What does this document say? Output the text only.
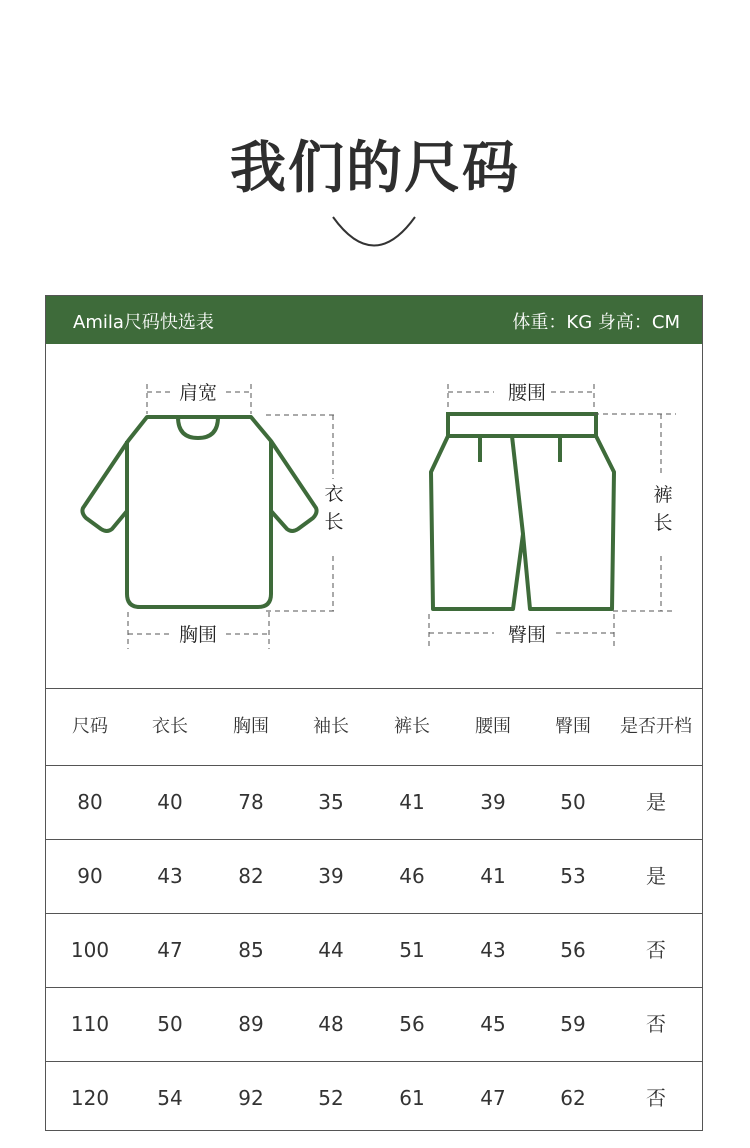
我们的尺码
Amila尺码快选表	体重：KG 身高：CM
肩宽
衣
长
胸围
腰围
裤
长
臀围
尺码	衣长	胸围	袖长	裤长	腰围	臀围	是否开档
80	40	78	35	41	39	50	是
90	43	82	39	46	41	53	是
100	47	85	44	51	43	56	否
110	50	89	48	56	45	59	否
120	54	92	52	61	47	62	否
